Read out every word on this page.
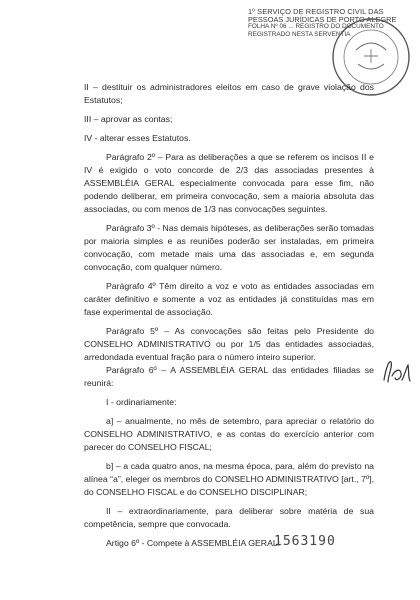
1º SERVIÇO DE REGISTRO CIVIL DAS
PESSOAS JURÍDICAS DE PORTO ALEGRE
FOLHA Nº 06 ... REGISTRO DO DOCUMENTO
REGISTRADO NESTA SERVENTIA

II – destituir os administradores eleitos em caso de grave violação dos Estatutos;

III – aprovar as contas;

IV - alterar esses Estatutos.

Parágrafo 2º – Para as deliberações a que se referem os incisos II e IV é exigido o voto concorde de 2/3 das associadas presentes à ASSEMBLÉIA GERAL especialmente convocada para esse fim, não podendo deliberar, em primeira convocação, sem a maioria absoluta das associadas, ou com menos de 1/3 nas convocações seguintes.

Parágrafo 3º - Nas demais hipóteses, as deliberações serão tomadas por maioria simples e as reuniões poderão ser instaladas, em primeira convocação, com metade mais uma das associadas e, em segunda convocação, com qualquer número.

Parágrafo 4º Têm direito a voz e voto as entidades associadas em caráter definitivo e somente a voz as entidades já constituídas mas em fase experimental de associação.

Parágrafo 5º – As convocações são feitas pelo Presidente do CONSELHO ADMINISTRATIVO ou por 1/5 das entidades associadas, arredondada eventual fração para o número inteiro superior.

Parágrafo 6º – A ASSEMBLÉIA GERAL das entidades filiadas se reunirá:

I - ordinariamente:

a] – anualmente, no mês de setembro, para apreciar o relatório do CONSELHO ADMINISTRATIVO, e as contas do exercício anterior com parecer do CONSELHO FISCAL;

b] – a cada quatro anos, na mesma época, para, além do previsto na alínea “a”, eleger os membros do CONSELHO ADMINISTRATIVO [art., 7º], do CONSELHO FISCAL e do CONSELHO DISCIPLINAR;

II – extraordinariamente, para deliberar sobre matéria de sua competência, sempre que convocada.

Artigo 6º - Compete à ASSEMBLÉIA GERAL:

1563190
